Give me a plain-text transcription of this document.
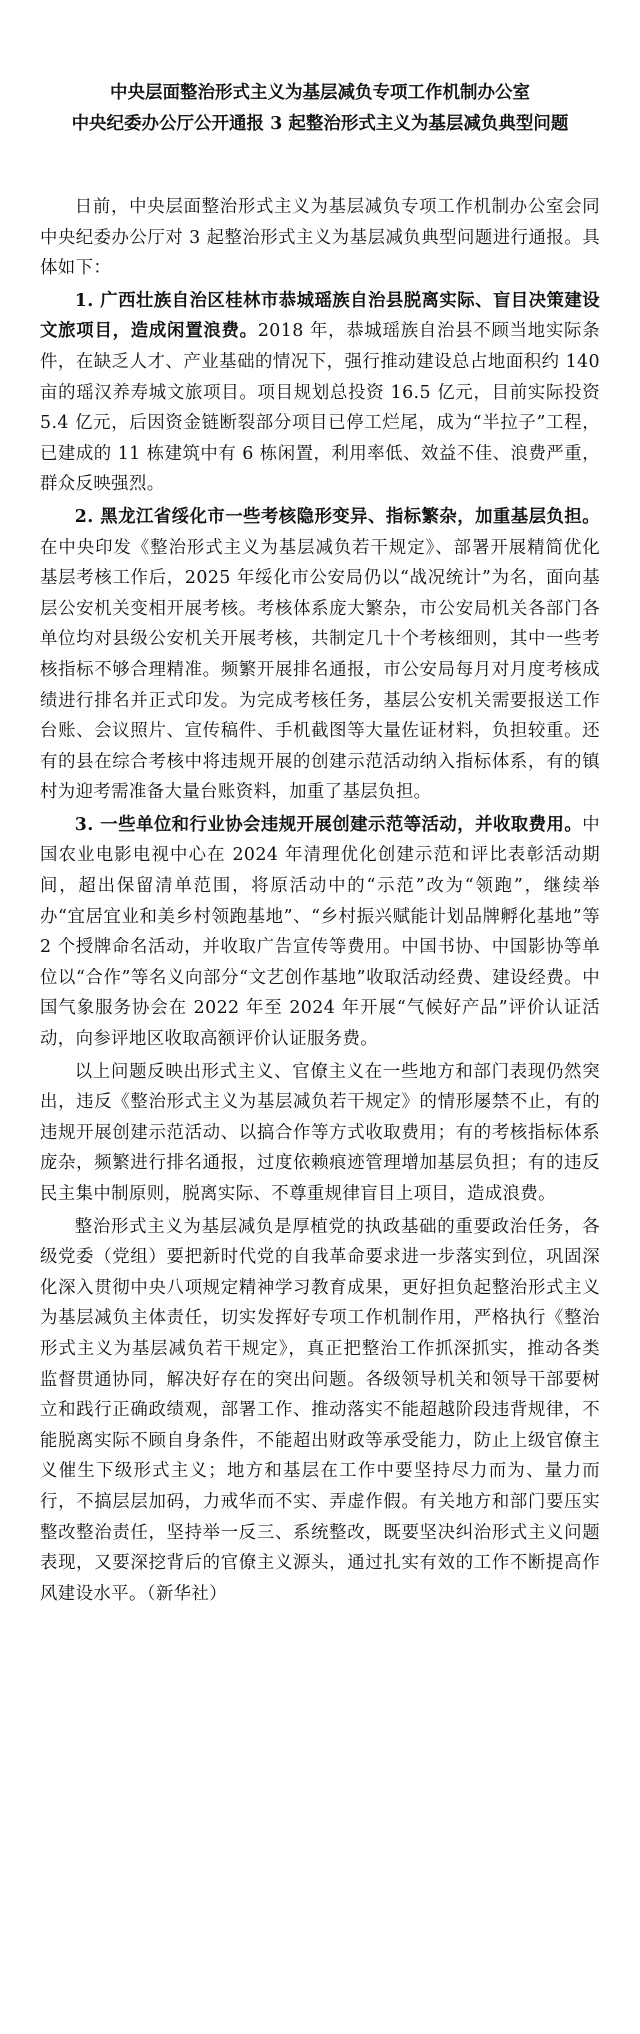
中央层面整治形式主义为基层减负专项工作机制办公室
中央纪委办公厅公开通报 3 起整治形式主义为基层减负典型问题

日前，中央层面整治形式主义为基层减负专项工作机制办公室会同中央纪委办公厅对 3 起整治形式主义为基层减负典型问题进行通报。具体如下：

1. 广西壮族自治区桂林市恭城瑶族自治县脱离实际、盲目决策建设文旅项目，造成闲置浪费。2018 年，恭城瑶族自治县不顾当地实际条件，在缺乏人才、产业基础的情况下，强行推动建设总占地面积约 140 亩的瑶汉养寿城文旅项目。项目规划总投资 16.5 亿元，目前实际投资 5.4 亿元，后因资金链断裂部分项目已停工烂尾，成为“半拉子”工程，已建成的 11 栋建筑中有 6 栋闲置，利用率低、效益不佳、浪费严重，群众反映强烈。

2. 黑龙江省绥化市一些考核隐形变异、指标繁杂，加重基层负担。在中央印发《整治形式主义为基层减负若干规定》、部署开展精简优化基层考核工作后，2025 年绥化市公安局仍以“战况统计”为名，面向基层公安机关变相开展考核。考核体系庞大繁杂，市公安局机关各部门各单位均对县级公安机关开展考核，共制定几十个考核细则，其中一些考核指标不够合理精准。频繁开展排名通报，市公安局每月对月度考核成绩进行排名并正式印发。为完成考核任务，基层公安机关需要报送工作台账、会议照片、宣传稿件、手机截图等大量佐证材料，负担较重。还有的县在综合考核中将违规开展的创建示范活动纳入指标体系，有的镇村为迎考需准备大量台账资料，加重了基层负担。

3. 一些单位和行业协会违规开展创建示范等活动，并收取费用。中国农业电影电视中心在 2024 年清理优化创建示范和评比表彰活动期间，超出保留清单范围，将原活动中的“示范”改为“领跑”，继续举办“宜居宜业和美乡村领跑基地”、“乡村振兴赋能计划品牌孵化基地”等 2 个授牌命名活动，并收取广告宣传等费用。中国书协、中国影协等单位以“合作”等名义向部分“文艺创作基地”收取活动经费、建设经费。中国气象服务协会在 2022 年至 2024 年开展“气候好产品”评价认证活动，向参评地区收取高额评价认证服务费。

以上问题反映出形式主义、官僚主义在一些地方和部门表现仍然突出，违反《整治形式主义为基层减负若干规定》的情形屡禁不止，有的违规开展创建示范活动、以搞合作等方式收取费用；有的考核指标体系庞杂，频繁进行排名通报，过度依赖痕迹管理增加基层负担；有的违反民主集中制原则，脱离实际、不尊重规律盲目上项目，造成浪费。

整治形式主义为基层减负是厚植党的执政基础的重要政治任务，各级党委（党组）要把新时代党的自我革命要求进一步落实到位，巩固深化深入贯彻中央八项规定精神学习教育成果，更好担负起整治形式主义为基层减负主体责任，切实发挥好专项工作机制作用，严格执行《整治形式主义为基层减负若干规定》，真正把整治工作抓深抓实，推动各类监督贯通协同，解决好存在的突出问题。各级领导机关和领导干部要树立和践行正确政绩观，部署工作、推动落实不能超越阶段违背规律，不能脱离实际不顾自身条件，不能超出财政等承受能力，防止上级官僚主义催生下级形式主义；地方和基层在工作中要坚持尽力而为、量力而行，不搞层层加码，力戒华而不实、弄虚作假。有关地方和部门要压实整改整治责任，坚持举一反三、系统整改，既要坚决纠治形式主义问题表现，又要深挖背后的官僚主义源头，通过扎实有效的工作不断提高作风建设水平。（新华社）
